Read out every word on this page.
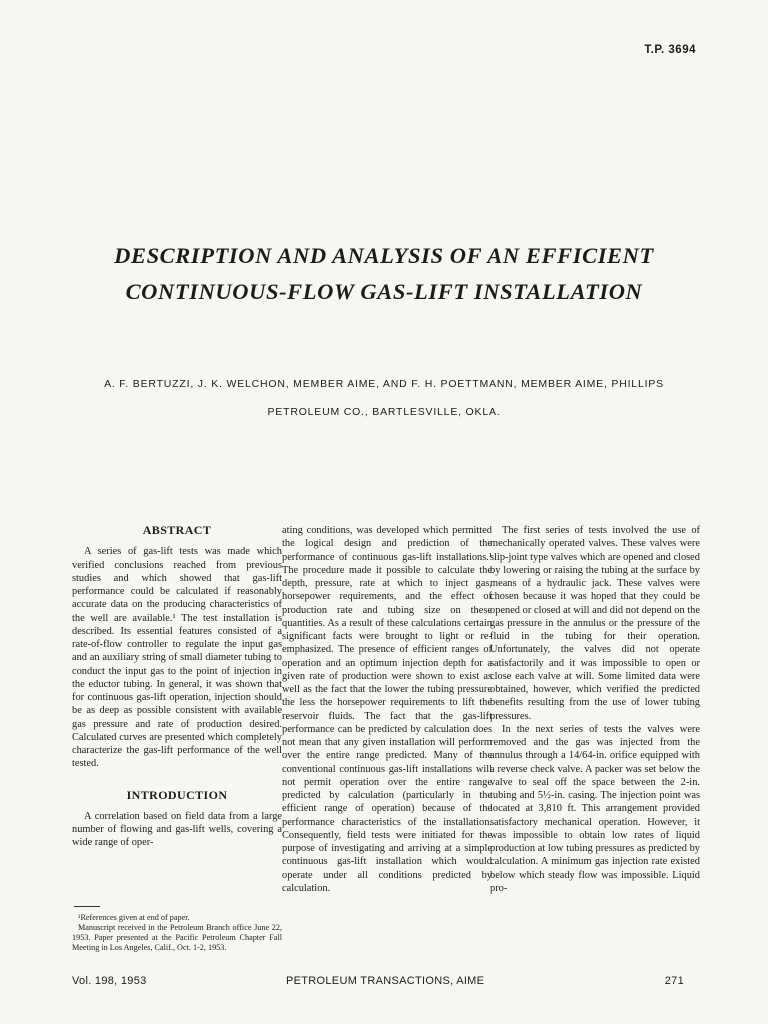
T.P. 3694
DESCRIPTION AND ANALYSIS OF AN EFFICIENT
CONTINUOUS-FLOW GAS-LIFT INSTALLATION
A. F. BERTUZZI, J. K. WELCHON, MEMBER AIME, AND F. H. POETTMANN, MEMBER AIME, PHILLIPS
PETROLEUM CO., BARTLESVILLE, OKLA.
ABSTRACT

A series of gas-lift tests was made which verified conclusions reached from previous studies and which showed that gas-lift performance could be calculated if reasonably accurate data on the producing characteristics of the well are available.¹ The test installation is described. Its essential features consisted of a rate-of-flow controller to regulate the input gas and an auxiliary string of small diameter tubing to conduct the input gas to the point of injection in the eductor tubing. In general, it was shown that for continuous gas-lift operation, injection should be as deep as possible consistent with available gas pressure and rate of production desired. Calculated curves are presented which completely characterize the gas-lift performance of the well tested.

INTRODUCTION

A correlation based on field data from a large number of flowing and gas-lift wells, covering a wide range of oper-

¹References given at end of paper.

Manuscript received in the Petroleum Branch office June 22, 1953. Paper presented at the Pacific Petroleum Chapter Fall Meeting in Los Angeles, Calif., Oct. 1-2, 1953.

ating conditions, was developed which permitted the logical design and prediction of the performance of continuous gas-lift installations.¹ The procedure made it possible to calculate the depth, pressure, rate at which to inject gas, horsepower requirements, and the effect of production rate and tubing size on these quantities. As a result of these calculations certain significant facts were brought to light or re-emphasized. The presence of efficient ranges of operation and an optimum injection depth for a given rate of production were shown to exist as well as the fact that the lower the tubing pressure the less the horsepower requirements to lift the reservoir fluids. The fact that the gas-lift performance can be predicted by calculation does not mean that any given installation will perform over the entire range predicted. Many of the conventional continuous gas-lift installations will not permit operation over the entire range predicted by calculation (particularly in the efficient range of operation) because of the performance characteristics of the installation. Consequently, field tests were initiated for the purpose of investigating and arriving at a simple continuous gas-lift installation which would operate under all conditions predicted by calculation.

The first series of tests involved the use of mechanically operated valves. These valves were slip-joint type valves which are opened and closed by lowering or raising the tubing at the surface by means of a hydraulic jack. These valves were chosen because it was hoped that they could be opened or closed at will and did not depend on the gas pressure in the annulus or the pressure of the fluid in the tubing for their operation. Unfortunately, the valves did not operate satisfactorily and it was impossible to open or close each valve at will. Some limited data were obtained, however, which verified the predicted benefits resulting from the use of lower tubing pressures.

In the next series of tests the valves were removed and the gas was injected from the annulus through a 14/64-in. orifice equipped with a reverse check valve. A packer was set below the valve to seal off the space between the 2-in. tubing and 5½-in. casing. The injection point was located at 3,810 ft. This arrangement provided satisfactory mechanical operation. However, it was impossible to obtain low rates of liquid production at low tubing pressures as predicted by calculation. A minimum gas injection rate existed below which steady flow was impossible. Liquid pro-

Vol. 198, 1953	PETROLEUM TRANSACTIONS, AIME	271
